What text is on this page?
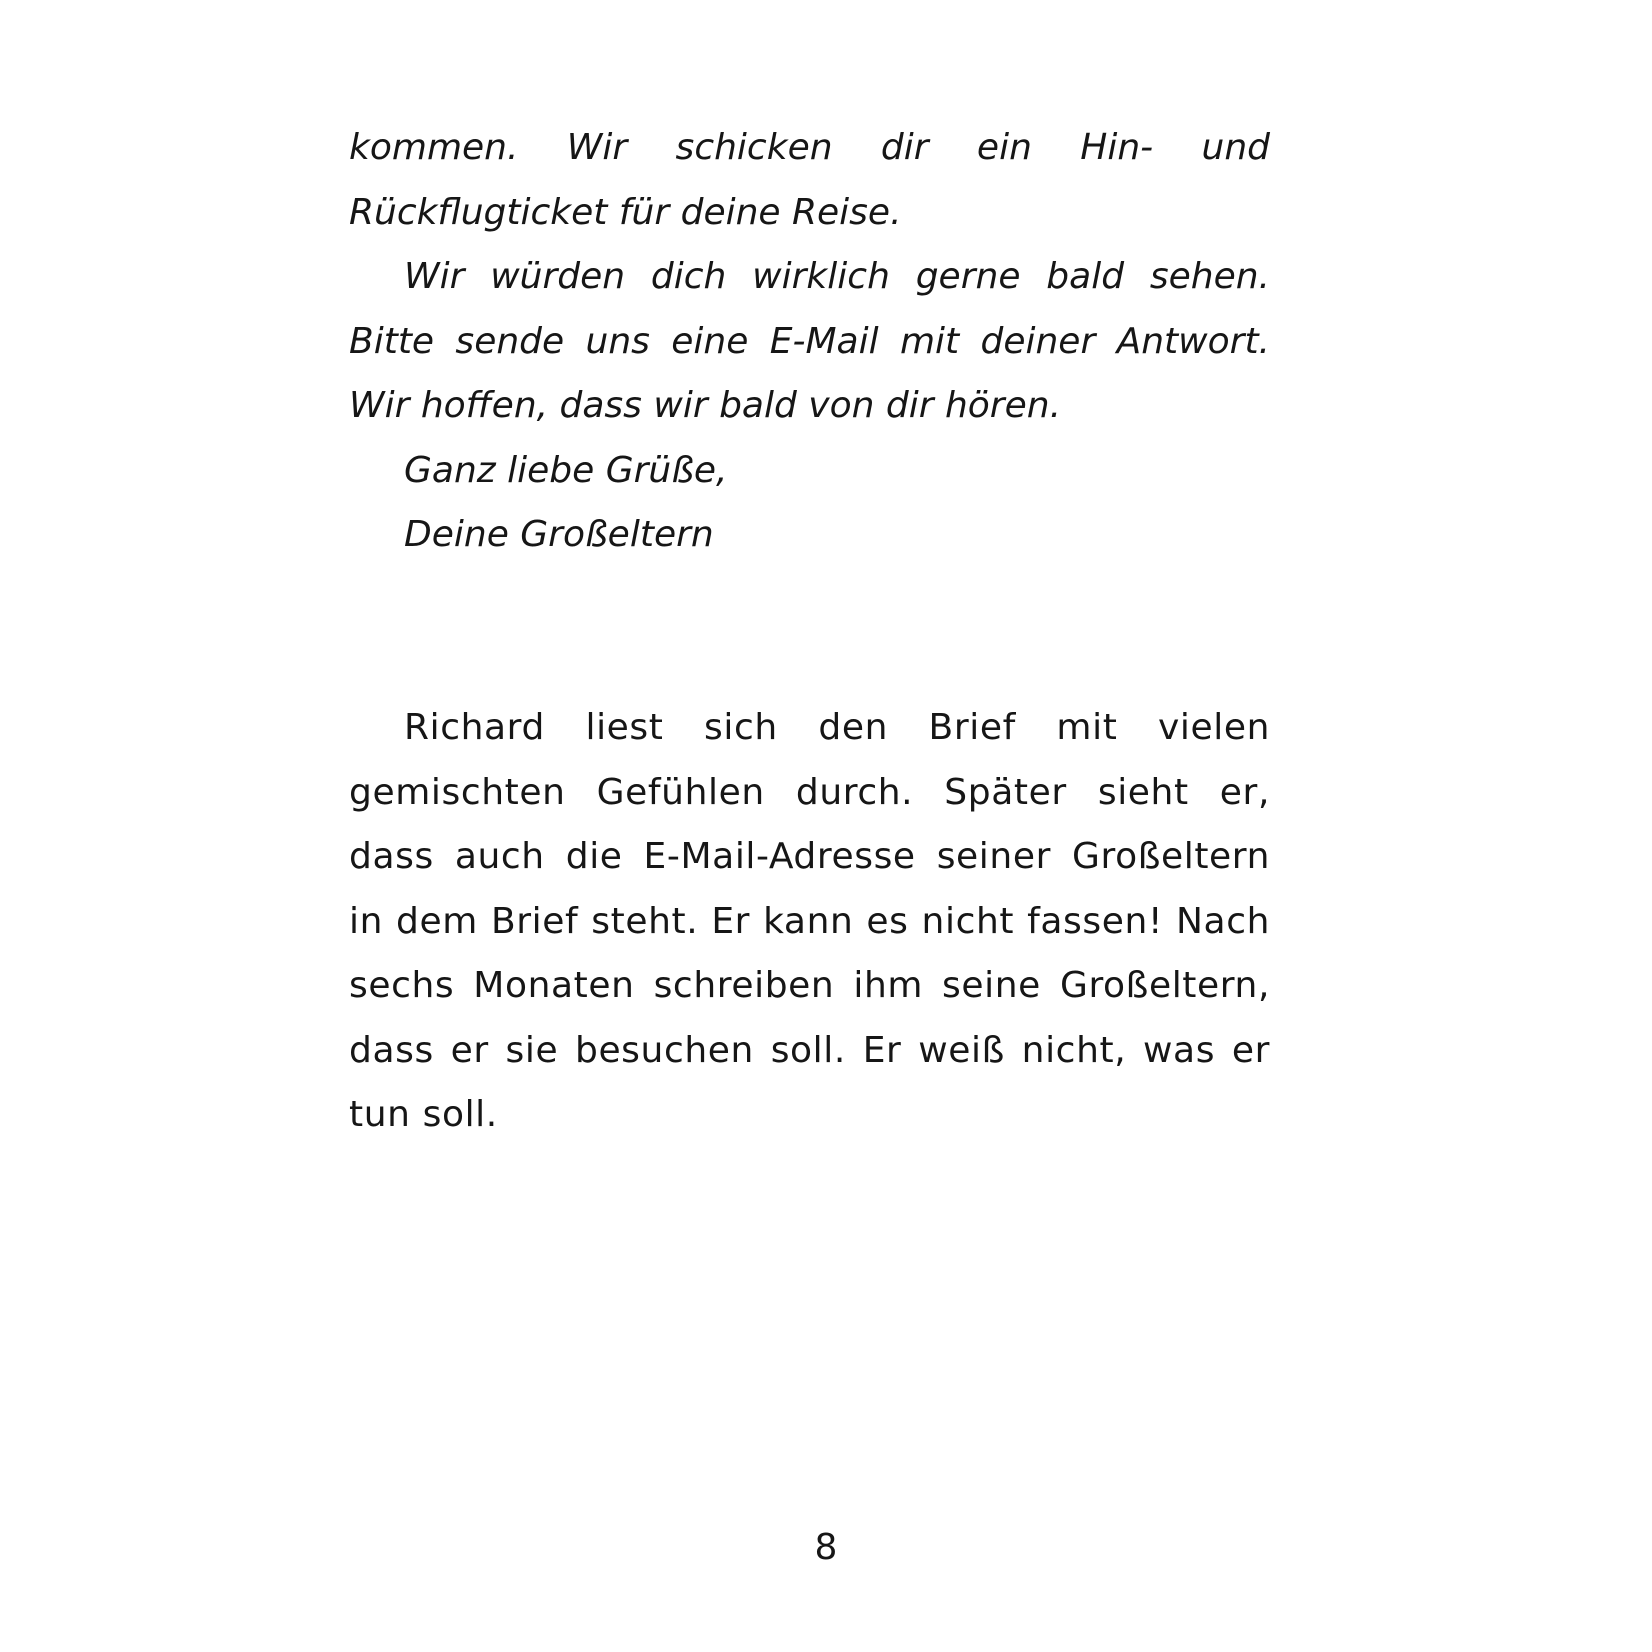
kommen. Wir schicken dir ein Hin- und Rückflugticket für deine Reise.

Wir würden dich wirklich gerne bald sehen. Bitte sende uns eine E-Mail mit deiner Antwort. Wir hoffen, dass wir bald von dir hören.

Ganz liebe Grüße,

Deine Großeltern

Richard liest sich den Brief mit vielen gemischten Gefühlen durch. Später sieht er, dass auch die E-Mail-Adresse seiner Großeltern in dem Brief steht. Er kann es nicht fassen! Nach sechs Monaten schreiben ihm seine Großeltern, dass er sie besuchen soll. Er weiß nicht, was er tun soll.

8
